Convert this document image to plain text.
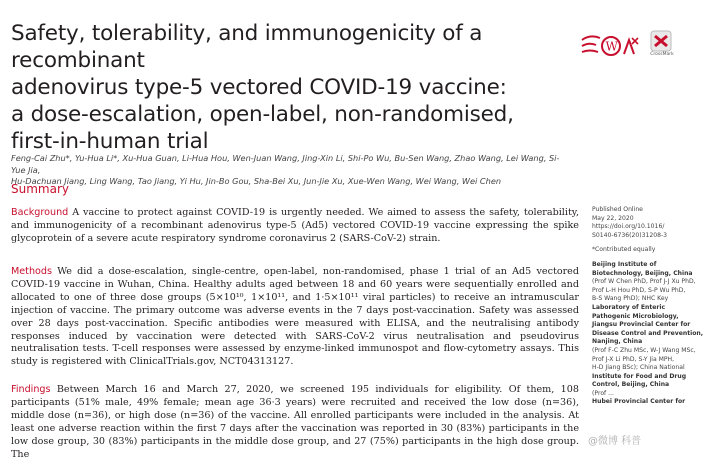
Safety, tolerability, and immunogenicity of a recombinant
adenovirus type-5 vectored COVID-19 vaccine:
a dose-escalation, open-label, non-randomised,
first-in-human trial
W
CrossMark
Feng-Cai Zhu*, Yu-Hua Li*, Xu-Hua Guan, Li-Hua Hou, Wen-Juan Wang, Jing-Xin Li, Shi-Po Wu, Bu-Sen Wang, Zhao Wang, Lei Wang, Si-Yue Jia,
Hu-Dachuan Jiang, Ling Wang, Tao Jiang, Yi Hu, Jin-Bo Gou, Sha-Bei Xu, Jun-Jie Xu, Xue-Wen Wang, Wei Wang, Wei Chen
Summary

Background A vaccine to protect against COVID-19 is urgently needed. We aimed to assess the safety, tolerability, and immunogenicity of a recombinant adenovirus type-5 (Ad5) vectored COVID-19 vaccine expressing the spike glycoprotein of a severe acute respiratory syndrome coronavirus 2 (SARS-CoV-2) strain.

Methods We did a dose-escalation, single-centre, open-label, non-randomised, phase 1 trial of an Ad5 vectored COVID-19 vaccine in Wuhan, China. Healthy adults aged between 18 and 60 years were sequentially enrolled and allocated to one of three dose groups (5×10¹⁰, 1×10¹¹, and 1·5×10¹¹ viral particles) to receive an intramuscular injection of vaccine. The primary outcome was adverse events in the 7 days post-vaccination. Safety was assessed over 28 days post-vaccination. Specific antibodies were measured with ELISA, and the neutralising antibody responses induced by vaccination were detected with SARS-CoV-2 virus neutralisation and pseudovirus neutralisation tests. T-cell responses were assessed by enzyme-linked immunospot and flow-cytometry assays. This study is registered with ClinicalTrials.gov, NCT04313127.

Findings Between March 16 and March 27, 2020, we screened 195 individuals for eligibility. Of them, 108 participants (51% male, 49% female; mean age 36·3 years) were recruited and received the low dose (n=36), middle dose (n=36), or high dose (n=36) of the vaccine. All enrolled participants were included in the analysis. At least one adverse reaction within the first 7 days after the vaccination was reported in 30 (83%) participants in the low dose group, 30 (83%) participants in the middle dose group, and 27 (75%) participants in the high dose group. The

Published Online
May 22, 2020
https://doi.org/10.1016/
S0140-6736(20)31208-3
*Contributed equally
Beijing Institute of
Biotechnology, Beijing, China
(Prof W Chen PhD, Prof J-J Xu PhD,
Prof L-H Hou PhD, S-P Wu PhD,
B-S Wang PhD); NHC Key
Laboratory of Enteric
Pathogenic Microbiology,
Jiangsu Provincial Center for
Disease Control and Prevention,
Nanjing, China
(Prof F-C Zhu MSc, W-J Wang MSc,
Prof J-X Li PhD, S-Y Jia MPH,
H-D Jiang BSc); China National
Institute for Food and Drug
Control, Beijing, China
(Prof ...
Hubei Provincial Center for
@微博 科普
